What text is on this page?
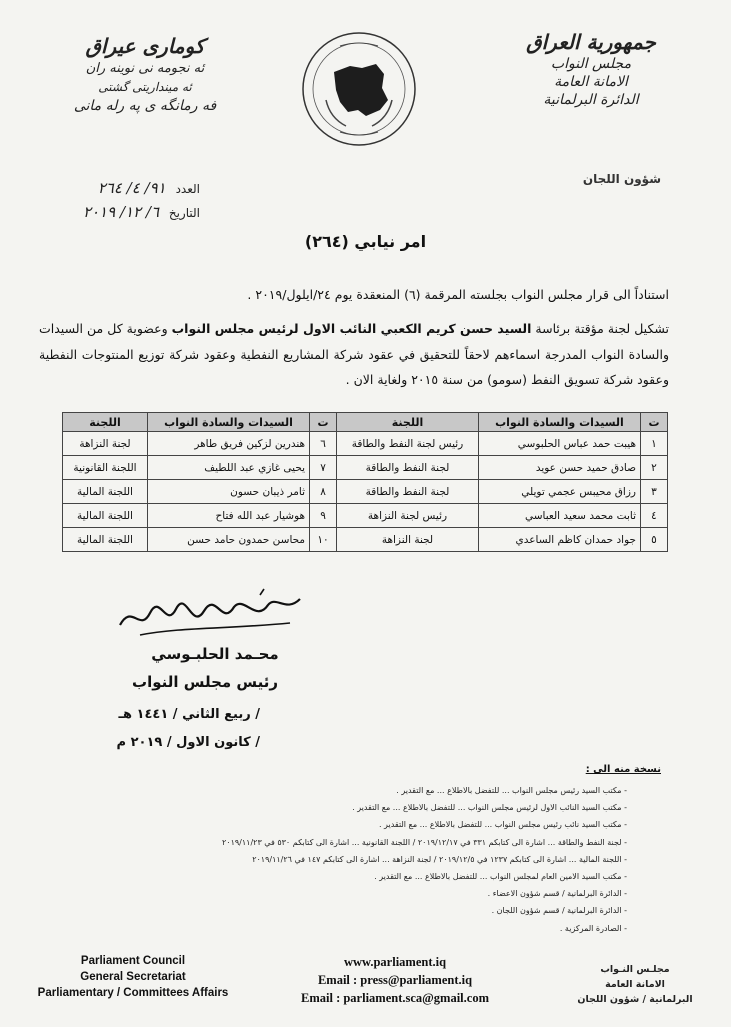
جمهورية العراق
مجلس النواب
الامانة العامة
الدائرة البرلمانية
شؤون اللجان
كوماری عيراق
ئه نجومه نى نوينه ران
ئه مينداريتى گشتى
فه رمانگه ى په رله مانى
العدد ٩١/ ٤/ ٢٦٤
التاريخ ٦/ ١٢/ ٢٠١٩
امر نيابي (٢٦٤)
استناداً الى قرار مجلس النواب بجلسته المرقمة (٦) المنعقدة يوم ٢٤/ايلول/٢٠١٩ .
تشكيل لجنة مؤقتة برئاسة السيد حسن كريم الكعبي النائب الاول لرئيس مجلس النواب وعضوية كل من السيدات والسادة النواب المدرجة اسماءهم لاحقاً للتحقيق في عقود شركة المشاريع النفطية وعقود شركة توزيع المنتوجات النفطية وعقود شركة تسويق النفط (سومو) من سنة ٢٠١٥ ولغاية الان .
ت	السيدات والسادة النواب	اللجنة	ت	السيدات والسادة النواب	اللجنة
١	هيبت حمد عباس الحلبوسي	رئيس لجنة النفط والطاقة	٦	هندرين لزكين فريق طاهر	لجنة النزاهة
٢	صادق حميد حسن عويد	لجنة النفط والطاقة	٧	يحيى غازي عبد اللطيف	اللجنة القانونية
٣	رزاق محيبس عجمي تويلي	لجنة النفط والطاقة	٨	ثامر ذيبان حسون	اللجنة المالية
٤	ثابت محمد سعيد العباسي	رئيس لجنة النزاهة	٩	هوشيار عبد الله فتاح	اللجنة المالية
٥	جواد حمدان كاظم الساعدي	لجنة النزاهة	١٠	محاسن حمدون حامد حسن	اللجنة المالية
محـمد الحلبـوسي
رئيس مجلس النواب
/ ربيع الثاني / ١٤٤١ هـ
/ كانون الاول / ٢٠١٩ م
نسخة منه الى :
- مكتب السيد رئيس مجلس النواب ... للتفضل بالاطلاع ... مع التقدير .
- مكتب السيد النائب الاول لرئيس مجلس النواب ... للتفضل بالاطلاع ... مع التقدير .
- مكتب السيد نائب رئيس مجلس النواب ... للتفضل بالاطلاع ... مع التقدير .
- لجنة النفط والطاقة ... اشارة الى كتابكم ٣٣١ في ٢٠١٩/١٢/١٧ / اللجنة القانونية ... اشارة الى كتابكم ٥٣٠ في ٢٠١٩/١١/٢٣
- اللجنة المالية ... اشارة الى كتابكم ١٢٣٧ في ٢٠١٩/١٢/٥ / لجنة النزاهة ... اشارة الى كتابكم ١٤٧ في ٢٠١٩/١١/٢٦
- مكتب السيد الامين العام لمجلس النواب ... للتفضل بالاطلاع ... مع التقدير .
- الدائرة البرلمانية / قسم شؤون الاعضاء .
- الدائرة البرلمانية / قسم شؤون اللجان .
- الصادرة المركزية .
Parliament Council
General Secretariat
Parliamentary / Committees Affairs
www.parliament.iq
Email : press@parliament.iq
Email : parliament.sca@gmail.com
مجلـس النـواب
الامانة العامة
البرلمانية / شؤون اللجان
